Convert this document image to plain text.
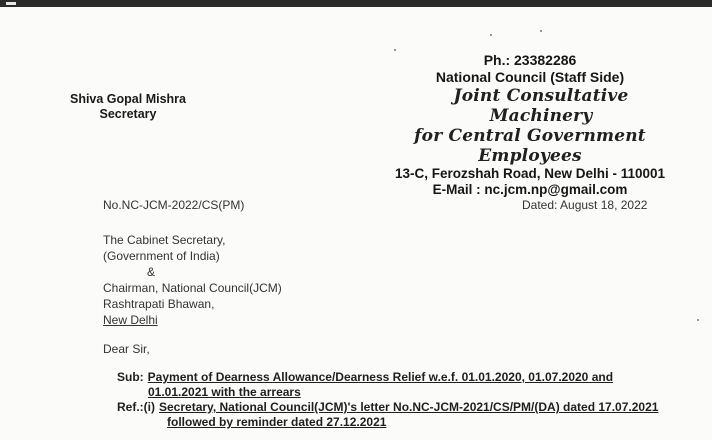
Shiva Gopal Mishra
Secretary
Ph.: 23382286
National Council (Staff Side)
Joint Consultative Machinery
for Central Government Employees
13-C, Ferozshah Road, New Delhi - 110001
E-Mail : nc.jcm.np@gmail.com
No.NC-JCM-2022/CS(PM)	Dated: August 18, 2022
The Cabinet Secretary,
(Government of India)
&
Chairman, National Council(JCM)
Rashtrapati Bhawan,
New Delhi
Dear Sir,
Sub: Payment of Dearness Allowance/Dearness Relief w.e.f. 01.01.2020, 01.07.2020 and
01.01.2021 with the arrears
Ref.:(i) Secretary, National Council(JCM)'s letter No.NC-JCM-2021/CS/PM/(DA) dated 17.07.2021
followed by reminder dated 27.12.2021
